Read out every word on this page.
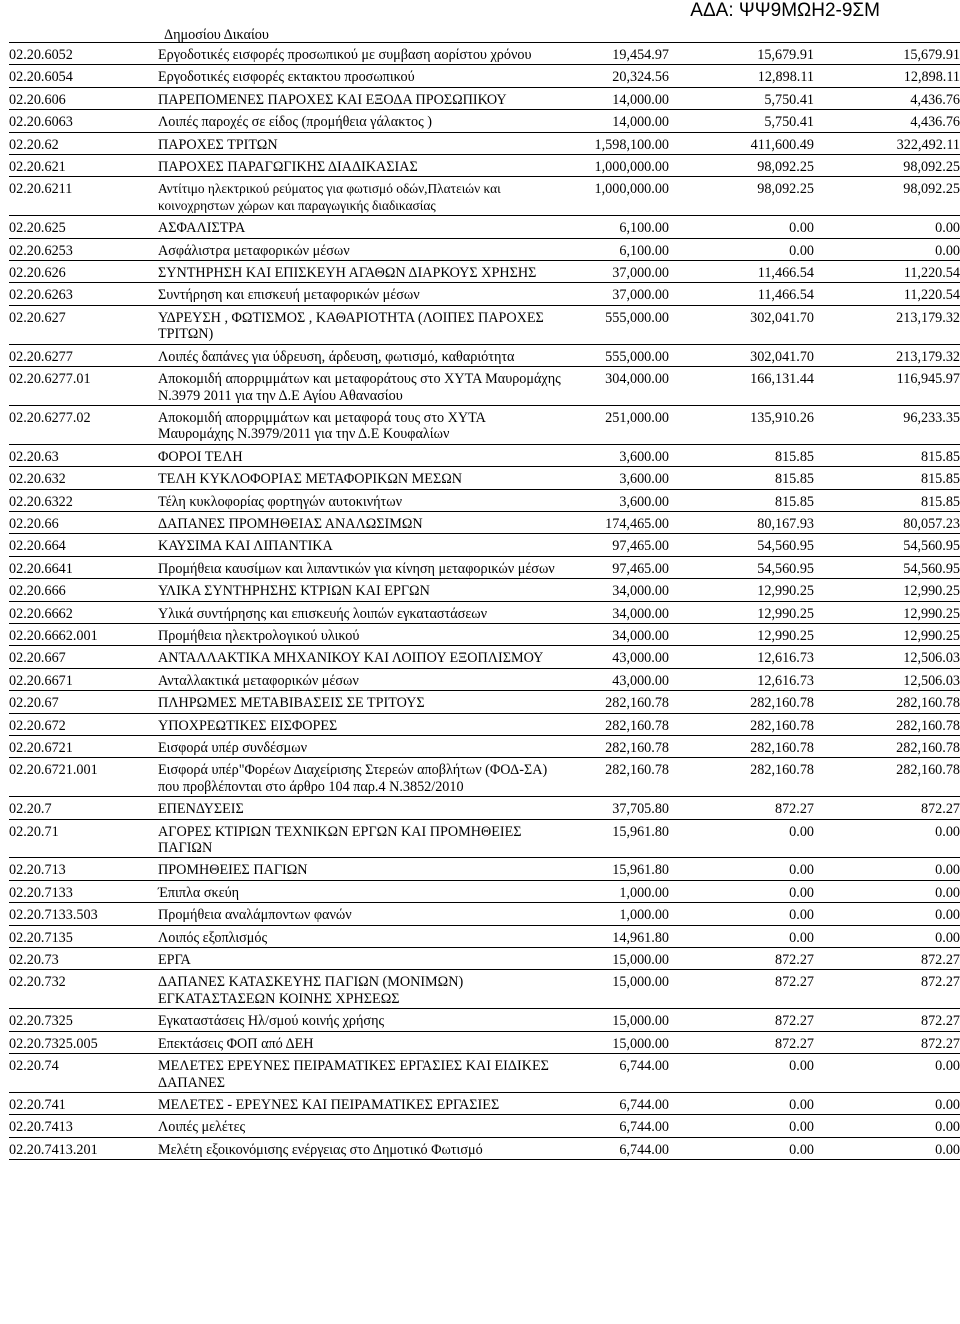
ΑΔΑ: ΨΨ9ΜΩΗ2-9ΣΜ
Δημοσίου Δικαίου
02.20.6052	Εργοδοτικές εισφορές προσωπικού με συμβαση αορίστου χρόνου	19,454.97	15,679.91	15,679.91
02.20.6054	Εργοδοτικές εισφορές εκτακτου προσωπικού	20,324.56	12,898.11	12,898.11
02.20.606	ΠΑΡΕΠΟΜΕΝΕΣ ΠΑΡΟΧΕΣ ΚΑΙ ΕΞΟΔΑ ΠΡΟΣΩΠΙΚΟΥ	14,000.00	5,750.41	4,436.76
02.20.6063	Λοιπές παροχές σε είδος (προμήθεια γάλακτος )	14,000.00	5,750.41	4,436.76
02.20.62	ΠΑΡΟΧΕΣ ΤΡΙΤΩΝ	1,598,100.00	411,600.49	322,492.11
02.20.621	ΠΑΡΟΧΕΣ ΠΑΡΑΓΩΓΙΚΗΣ ΔΙΑΔΙΚΑΣΙΑΣ	1,000,000.00	98,092.25	98,092.25
02.20.6211	Αντίτιμο ηλεκτρικού ρεύματος για φωτισμό οδών,Πλατειών και κοινοχρηστων χώρων και παραγωγικής διαδικασίας	1,000,000.00	98,092.25	98,092.25
02.20.625	ΑΣΦΑΛΙΣΤΡΑ	6,100.00	0.00	0.00
02.20.6253	Ασφάλιστρα μεταφορικών μέσων	6,100.00	0.00	0.00
02.20.626	ΣΥΝΤΗΡΗΣΗ ΚΑΙ ΕΠΙΣΚΕΥΗ ΑΓΑΘΩΝ ΔΙΑΡΚΟΥΣ ΧΡΗΣΗΣ	37,000.00	11,466.54	11,220.54
02.20.6263	Συντήρηση και επισκευή μεταφορικών μέσων	37,000.00	11,466.54	11,220.54
02.20.627	ΥΔΡΕΥΣΗ , ΦΩΤΙΣΜΟΣ , ΚΑΘΑΡΙΟΤΗΤΑ (ΛΟΙΠΕΣ ΠΑΡΟΧΕΣ ΤΡΙΤΩΝ)	555,000.00	302,041.70	213,179.32
02.20.6277	Λοιπές δαπάνες για ύδρευση, άρδευση, φωτισμό, καθαριότητα	555,000.00	302,041.70	213,179.32
02.20.6277.01	Αποκομιδή απορριμμάτων και μεταφοράτους στο ΧΥΤΑ Μαυρομάχης Ν.3979 2011 για την Δ.Ε Αγίου Αθανασίου	304,000.00	166,131.44	116,945.97
02.20.6277.02	Αποκομιδή απορριμμάτων και μεταφορά τους στο ΧΥΤΑ Μαυρομάχης Ν.3979/2011 για την Δ.Ε Κουφαλίων	251,000.00	135,910.26	96,233.35
02.20.63	ΦΟΡΟΙ ΤΕΛΗ	3,600.00	815.85	815.85
02.20.632	ΤΕΛΗ ΚΥΚΛΟΦΟΡΙΑΣ ΜΕΤΑΦΟΡΙΚΩΝ ΜΕΣΩΝ	3,600.00	815.85	815.85
02.20.6322	Τέλη κυκλοφορίας φορτηγών αυτοκινήτων	3,600.00	815.85	815.85
02.20.66	ΔΑΠΑΝΕΣ ΠΡΟΜΗΘΕΙΑΣ ΑΝΑΛΩΣΙΜΩΝ	174,465.00	80,167.93	80,057.23
02.20.664	ΚΑΥΣΙΜΑ ΚΑΙ ΛΙΠΑΝΤΙΚΑ	97,465.00	54,560.95	54,560.95
02.20.6641	Προμήθεια καυσίμων και λιπαντικών για κίνηση μεταφορικών μέσων	97,465.00	54,560.95	54,560.95
02.20.666	ΥΛΙΚΑ ΣΥΝΤΗΡΗΣΗΣ ΚΤΡΙΩΝ ΚΑΙ ΕΡΓΩΝ	34,000.00	12,990.25	12,990.25
02.20.6662	Υλικά συντήρησης και επισκευής λοιπών εγκαταστάσεων	34,000.00	12,990.25	12,990.25
02.20.6662.001	Προμήθεια ηλεκτρολογικού υλικού	34,000.00	12,990.25	12,990.25
02.20.667	ΑΝΤΑΛΛΑΚΤΙΚΑ ΜΗΧΑΝΙΚΟΥ ΚΑΙ ΛΟΙΠΟΥ ΕΞΟΠΛΙΣΜΟΥ	43,000.00	12,616.73	12,506.03
02.20.6671	Ανταλλακτικά μεταφορικών μέσων	43,000.00	12,616.73	12,506.03
02.20.67	ΠΛΗΡΩΜΕΣ ΜΕΤΑΒΙΒΑΣΕΙΣ ΣΕ ΤΡΙΤΟΥΣ	282,160.78	282,160.78	282,160.78
02.20.672	ΥΠΟΧΡΕΩΤΙΚΕΣ ΕΙΣΦΟΡΕΣ	282,160.78	282,160.78	282,160.78
02.20.6721	Εισφορά υπέρ συνδέσμων	282,160.78	282,160.78	282,160.78
02.20.6721.001	Εισφορά υπέρ"Φορέων Διαχείρισης Στερεών αποβλήτων (ΦΟΔ-ΣΑ) που προβλέπονται στο άρθρο 104 παρ.4 Ν.3852/2010	282,160.78	282,160.78	282,160.78
02.20.7	ΕΠΕΝΔΥΣΕΙΣ	37,705.80	872.27	872.27
02.20.71	ΑΓΟΡΕΣ ΚΤΙΡΙΩΝ ΤΕΧΝΙΚΩΝ ΕΡΓΩΝ ΚΑΙ ΠΡΟΜΗΘΕΙΕΣ ΠΑΓΙΩΝ	15,961.80	0.00	0.00
02.20.713	ΠΡΟΜΗΘΕΙΕΣ ΠΑΓΙΩΝ	15,961.80	0.00	0.00
02.20.7133	Έπιπλα σκεύη	1,000.00	0.00	0.00
02.20.7133.503	Προμήθεια αναλάμποντων φανών	1,000.00	0.00	0.00
02.20.7135	Λοιπός εξοπλισμός	14,961.80	0.00	0.00
02.20.73	ΕΡΓΑ	15,000.00	872.27	872.27
02.20.732	ΔΑΠΑΝΕΣ ΚΑΤΑΣΚΕΥΗΣ ΠΑΓΙΩΝ (ΜΟΝΙΜΩΝ) ΕΓΚΑΤΑΣΤΑΣΕΩΝ ΚΟΙΝΗΣ ΧΡΗΣΕΩΣ	15,000.00	872.27	872.27
02.20.7325	Εγκαταστάσεις Ηλ/σμού κοινής χρήσης	15,000.00	872.27	872.27
02.20.7325.005	Επεκτάσεις ΦΟΠ από ΔΕΗ	15,000.00	872.27	872.27
02.20.74	ΜΕΛΕΤΕΣ ΕΡΕΥΝΕΣ ΠΕΙΡΑΜΑΤΙΚΕΣ ΕΡΓΑΣΙΕΣ ΚΑΙ ΕΙΔΙΚΕΣ ΔΑΠΑΝΕΣ	6,744.00	0.00	0.00
02.20.741	ΜΕΛΕΤΕΣ - ΕΡΕΥΝΕΣ ΚΑΙ ΠΕΙΡΑΜΑΤΙΚΕΣ ΕΡΓΑΣΙΕΣ	6,744.00	0.00	0.00
02.20.7413	Λοιπές μελέτες	6,744.00	0.00	0.00
02.20.7413.201	Μελέτη εξοικονόμισης ενέργειας στο Δημοτικό Φωτισμό	6,744.00	0.00	0.00
